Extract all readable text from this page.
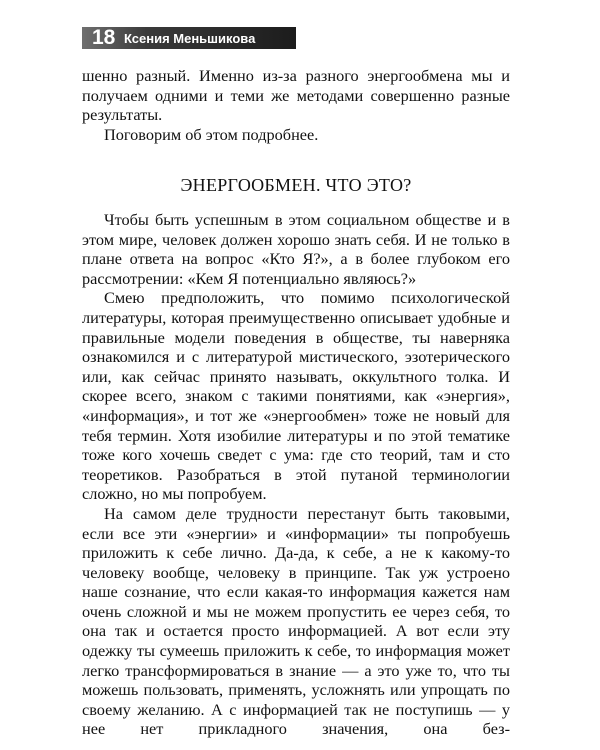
18 Ксения Меньшикова

шенно разный. Именно из-за разного энергообмена мы и получаем одними и теми же методами совершенно разные результаты.

Поговорим об этом подробнее.

ЭНЕРГООБМЕН. ЧТО ЭТО?

Чтобы быть успешным в этом социальном обществе и в этом мире, человек должен хорошо знать себя. И не только в плане ответа на вопрос «Кто Я?», а в более глубоком его рассмотрении: «Кем Я потенциально являюсь?»

Смею предположить, что помимо психологической литературы, которая преимущественно описывает удобные и правильные модели поведения в обществе, ты наверняка ознакомился и с литературой мистического, эзотерического или, как сейчас принято называть, оккультного толка. И скорее всего, знаком с такими понятиями, как «энергия», «информация», и тот же «энергообмен» тоже не новый для тебя термин. Хотя изобилие литературы и по этой тематике тоже кого хочешь сведет с ума: где сто теорий, там и сто теоретиков. Разобраться в этой путаной терминологии сложно, но мы попробуем.

На самом деле трудности перестанут быть таковыми, если все эти «энергии» и «информации» ты попробуешь приложить к себе лично. Да-да, к себе, а не к какому-то человеку вообще, человеку в принципе. Так уж устроено наше сознание, что если какая-то информация кажется нам очень сложной и мы не можем пропустить ее через себя, то она так и остается просто информацией. А вот если эту одежку ты сумеешь приложить к себе, то информация может легко трансформироваться в знание — а это уже то, что ты можешь пользовать, применять, усложнять или упрощать по своему желанию. А с информацией так не поступишь — у нее нет прикладного значения, она без-
